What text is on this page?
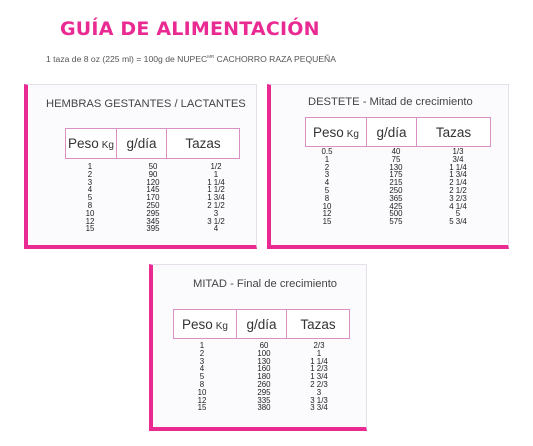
GUÍA DE ALIMENTACIÓN
1 taza de 8 oz (225 ml) = 100g de $NUPEC^{MR}$ CACHORRO RAZA PEQUEÑA
HEMBRAS GESTANTES / LACTANTES
Peso Kg g/día	Tazas
1	50	1/2
2	90	1
3	120	1 1/4
4	145	1 1/2
5	170	1 3/4
8	250	2 1/2
10	295	3
12	345	3 1/2
15	395	4
DESTETE - Mitad de crecimiento
Peso Kg	g/día	Tazas
0.5	40	1/3
1	75	3/4
2	130	1 1/4
3	175	1 3/4
4	215	2 1/4
5	250	2 1/2
8	365	3 2/3
10	425	4 1/4
12	500	5
15	575	5 3/4
MITAD - Final de crecimiento
Peso Kg	g/día	Tazas
1	60	2/3
2	100	1
3	130	1 1/4
4	160	1 2/3
5	180	1 3/4
8	260	2 2/3
10	295	3
12	335	3 1/3
15	380	3 3/4
